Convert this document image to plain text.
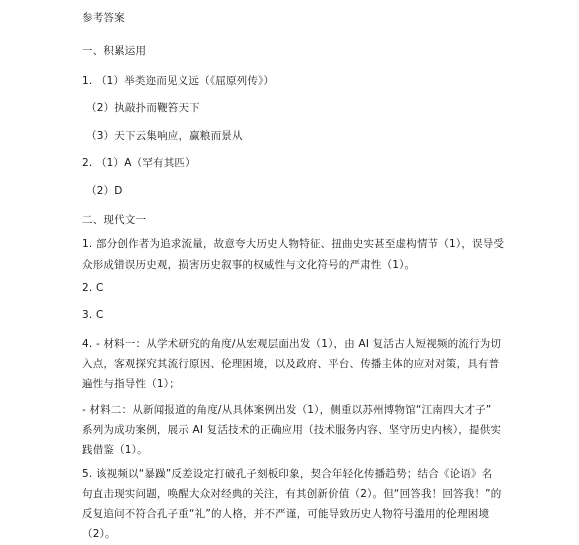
参考答案
一、积累运用
1. （1）举类迩而见义远（《屈原列传》）
（2）执敲扑而鞭笞天下
（3）天下云集响应，赢粮而景从
2. （1）A（罕有其匹）
（2）D
二、现代文一
1. 部分创作者为追求流量，故意夸大历史人物特征、扭曲史实甚至虚构情节（1），误导受
众形成错误历史观，损害历史叙事的权威性与文化符号的严肃性（1）。
2. C
3. C
4. - 材料一：从学术研究的角度/从宏观层面出发（1），由 AI 复活古人短视频的流行为切
入点，客观探究其流行原因、伦理困境，以及政府、平台、传播主体的应对对策，具有普
遍性与指导性（1）；
- 材料二：从新闻报道的角度/从具体案例出发（1），侧重以苏州博物馆“江南四大才子”
系列为成功案例，展示 AI 复活技术的正确应用（技术服务内容、坚守历史内核），提供实
践借鉴（1）。
5. 该视频以“暴躁”反差设定打破孔子刻板印象，契合年轻化传播趋势；结合《论语》名
句直击现实问题，唤醒大众对经典的关注，有其创新价值（2）。但“回答我！回答我！”的
反复追问不符合孔子重“礼”的人格，并不严谨，可能导致历史人物符号滥用的伦理困境
（2）。
